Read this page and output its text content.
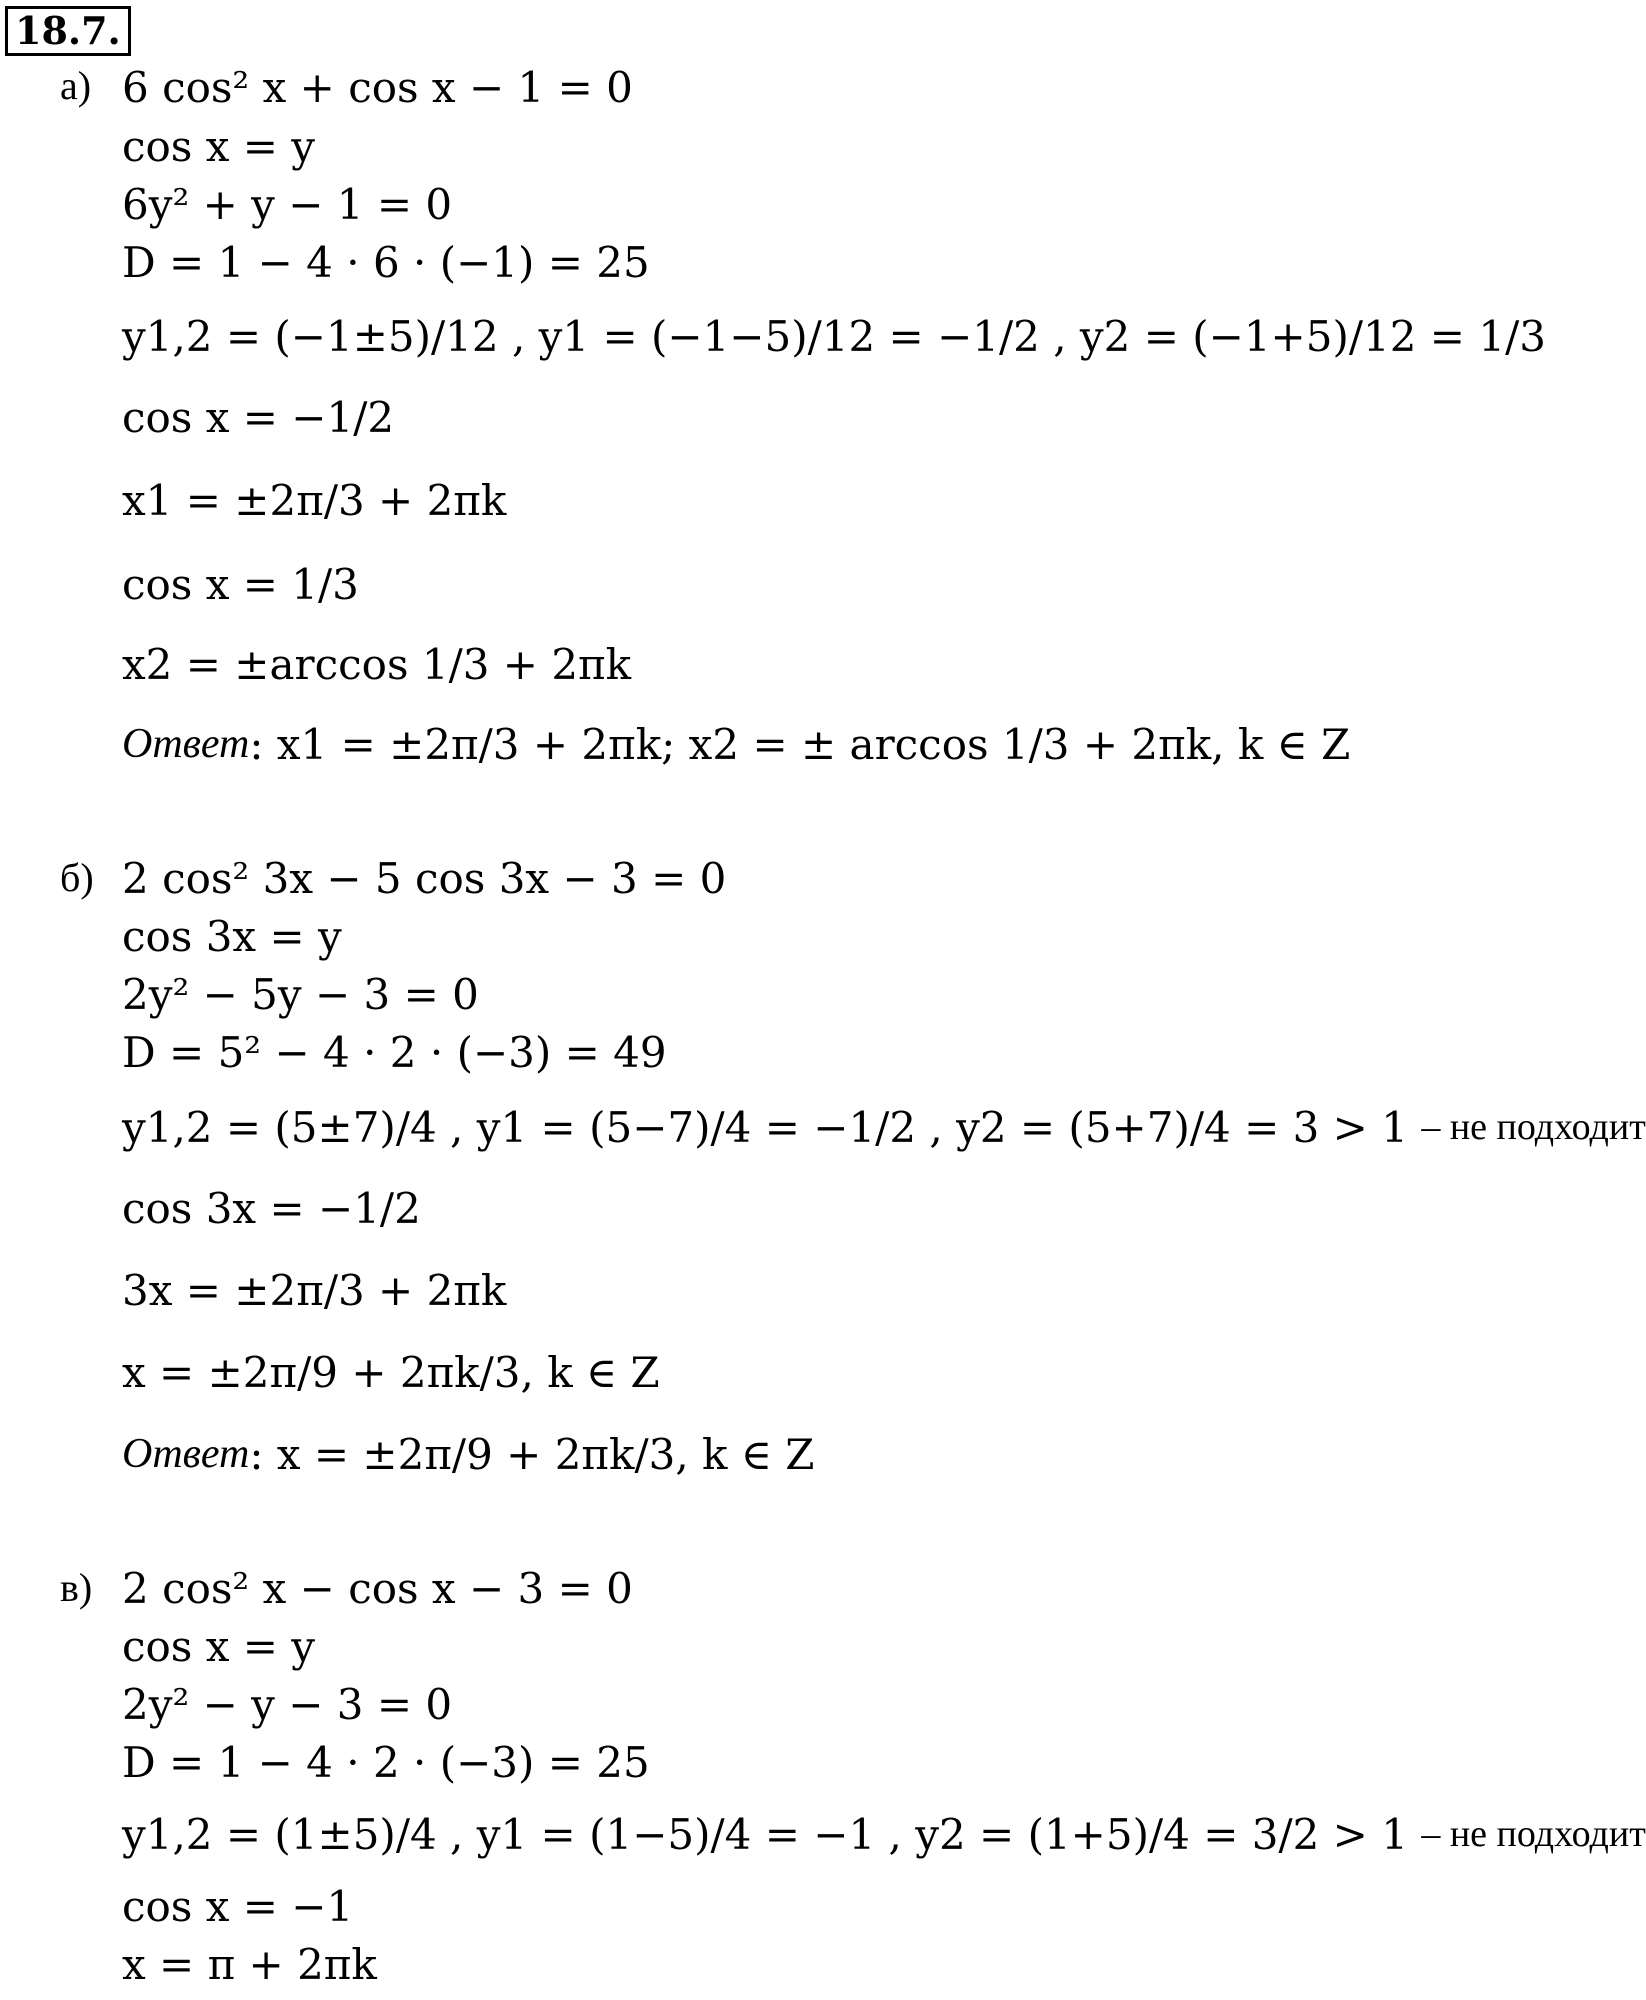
18.7.
а) 6 cos² x + cos x − 1 = 0
cos x = y
6y² + y − 1 = 0
D = 1 − 4 · 6 · (−1) = 25
y1,2 = (−1±5)/12 , y1 = (−1−5)/12 = −1/2 , y2 = (−1+5)/12 = 1/3
cos x = −1/2
x1 = ±2π/3 + 2πk
cos x = 1/3
x2 = ±arccos 1/3 + 2πk
Ответ : x1 = ±2π/3 + 2πk; x2 = ± arccos 1/3 + 2πk, k ∈ Z
б) 2 cos² 3x − 5 cos 3x − 3 = 0
cos 3x = y
2y² − 5y − 3 = 0
D = 5² − 4 · 2 · (−3) = 49
y1,2 = (5±7)/4 , y1 = (5−7)/4 = −1/2 , y2 = (5+7)/4 = 3 > 1
– не подходит
cos 3x = −1/2
3x = ±2π/3 + 2πk
x = ±2π/9 + 2πk/3, k ∈ Z
Ответ : x = ±2π/9 + 2πk/3, k ∈ Z
в) 2 cos² x − cos x − 3 = 0
cos x = y
2y² − y − 3 = 0
D = 1 − 4 · 2 · (−3) = 25
y1,2 = (1±5)/4 , y1 = (1−5)/4 = −1 , y2 = (1+5)/4 = 3/2 > 1
– не подходит
cos x = −1
x = π + 2πk
